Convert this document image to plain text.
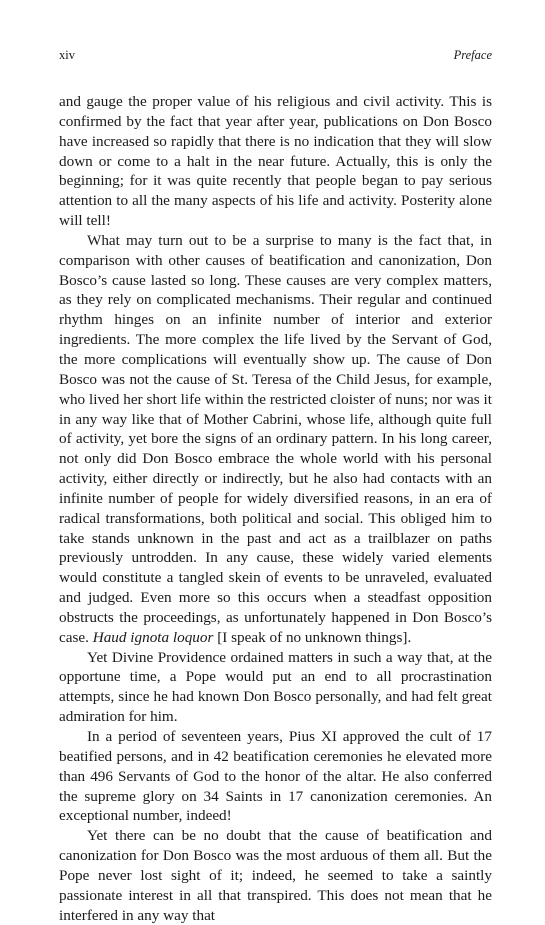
xiv	Preface

and gauge the proper value of his religious and civil activity. This is confirmed by the fact that year after year, publications on Don Bosco have increased so rapidly that there is no indication that they will slow down or come to a halt in the near future. Actually, this is only the beginning; for it was quite recently that people began to pay serious attention to all the many aspects of his life and activity. Posterity alone will tell!

What may turn out to be a surprise to many is the fact that, in comparison with other causes of beatification and canonization, Don Bosco’s cause lasted so long. These causes are very complex matters, as they rely on complicated mechanisms. Their regular and continued rhythm hinges on an infinite number of interior and exterior ingredients. The more complex the life lived by the Servant of God, the more complications will eventually show up. The cause of Don Bosco was not the cause of St. Teresa of the Child Jesus, for example, who lived her short life within the restricted cloister of nuns; nor was it in any way like that of Mother Cabrini, whose life, although quite full of activity, yet bore the signs of an ordinary pattern. In his long career, not only did Don Bosco embrace the whole world with his personal activity, either directly or indirectly, but he also had contacts with an infinite number of people for widely diversified reasons, in an era of radical transformations, both political and social. This obliged him to take stands unknown in the past and act as a trailblazer on paths previously untrodden. In any cause, these widely varied elements would constitute a tangled skein of events to be unraveled, evaluated and judged. Even more so this occurs when a steadfast opposition obstructs the proceedings, as unfortunately happened in Don Bosco’s case. Haud ignota loquor [I speak of no unknown things].

Yet Divine Providence ordained matters in such a way that, at the opportune time, a Pope would put an end to all procrastination attempts, since he had known Don Bosco personally, and had felt great admiration for him.

In a period of seventeen years, Pius XI approved the cult of 17 beatified persons, and in 42 beatification ceremonies he elevated more than 496 Servants of God to the honor of the altar. He also conferred the supreme glory on 34 Saints in 17 canonization ceremonies. An exceptional number, indeed!

Yet there can be no doubt that the cause of beatification and canonization for Don Bosco was the most arduous of them all. But the Pope never lost sight of it; indeed, he seemed to take a saintly passionate interest in all that transpired. This does not mean that he interfered in any way that
